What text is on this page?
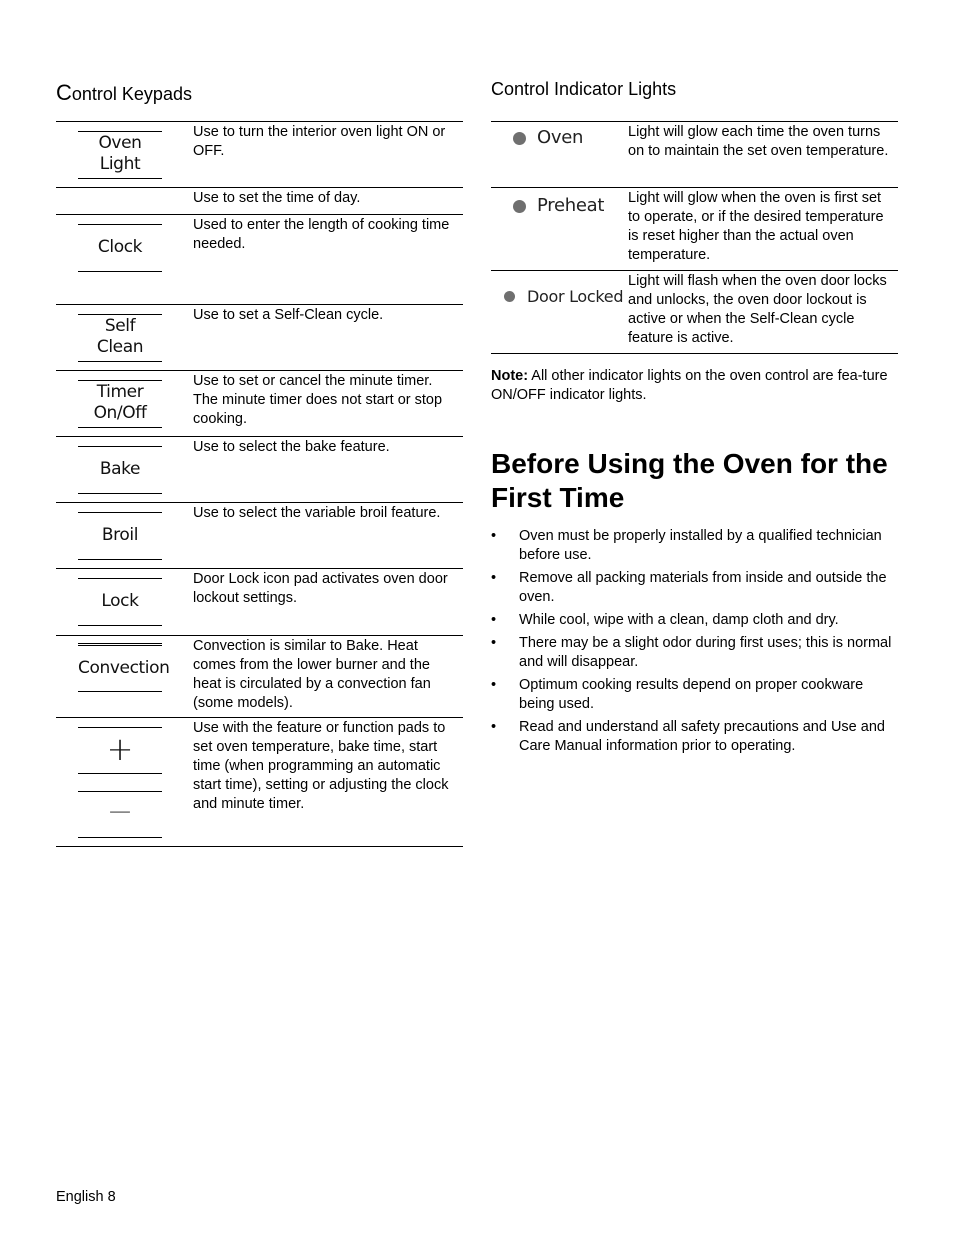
Control Keypads
Oven
Light
Use to turn the interior oven light ON or OFF.
Use to set the time of day.
Clock
Used to enter the length of cooking time needed.
Self
Clean
Use to set a Self-Clean cycle.
Timer
On/Off
Use to set or cancel the minute timer. The minute timer does not start or stop cooking.
Bake
Use to select the bake feature.
Broil
Use to select the variable broil feature.
Lock
Door Lock icon pad activates oven door lockout settings.
Convection
Convection is similar to Bake. Heat comes from the lower burner and the heat is circulated by a convection fan (some models).
+
—
Use with the feature or function pads to set oven temperature, bake time, start time (when programming an automatic start time), setting or adjusting the clock and minute timer.
Control Indicator Lights
Oven	Light will glow each time the oven turns on to maintain the set oven temperature.
Preheat Light will glow when the oven is first set to operate, or if the desired temperature is reset higher than the actual oven temperature.
Door Locked
Light will flash when the oven door locks and unlocks, the oven door lockout is active or when the Self-Clean cycle feature is active.

Note: All other indicator lights on the oven control are fea-ture ON/OFF indicator lights.

Before Using the Oven for the First Time
• Oven must be properly installed by a qualified technician before use.
• Remove all packing materials from inside and outside the oven.
• While cool, wipe with a clean, damp cloth and dry.
• There may be a slight odor during first uses; this is normal and will disappear.
• Optimum cooking results depend on proper cookware being used.
• Read and understand all safety precautions and Use and Care Manual information prior to operating.
English 8
